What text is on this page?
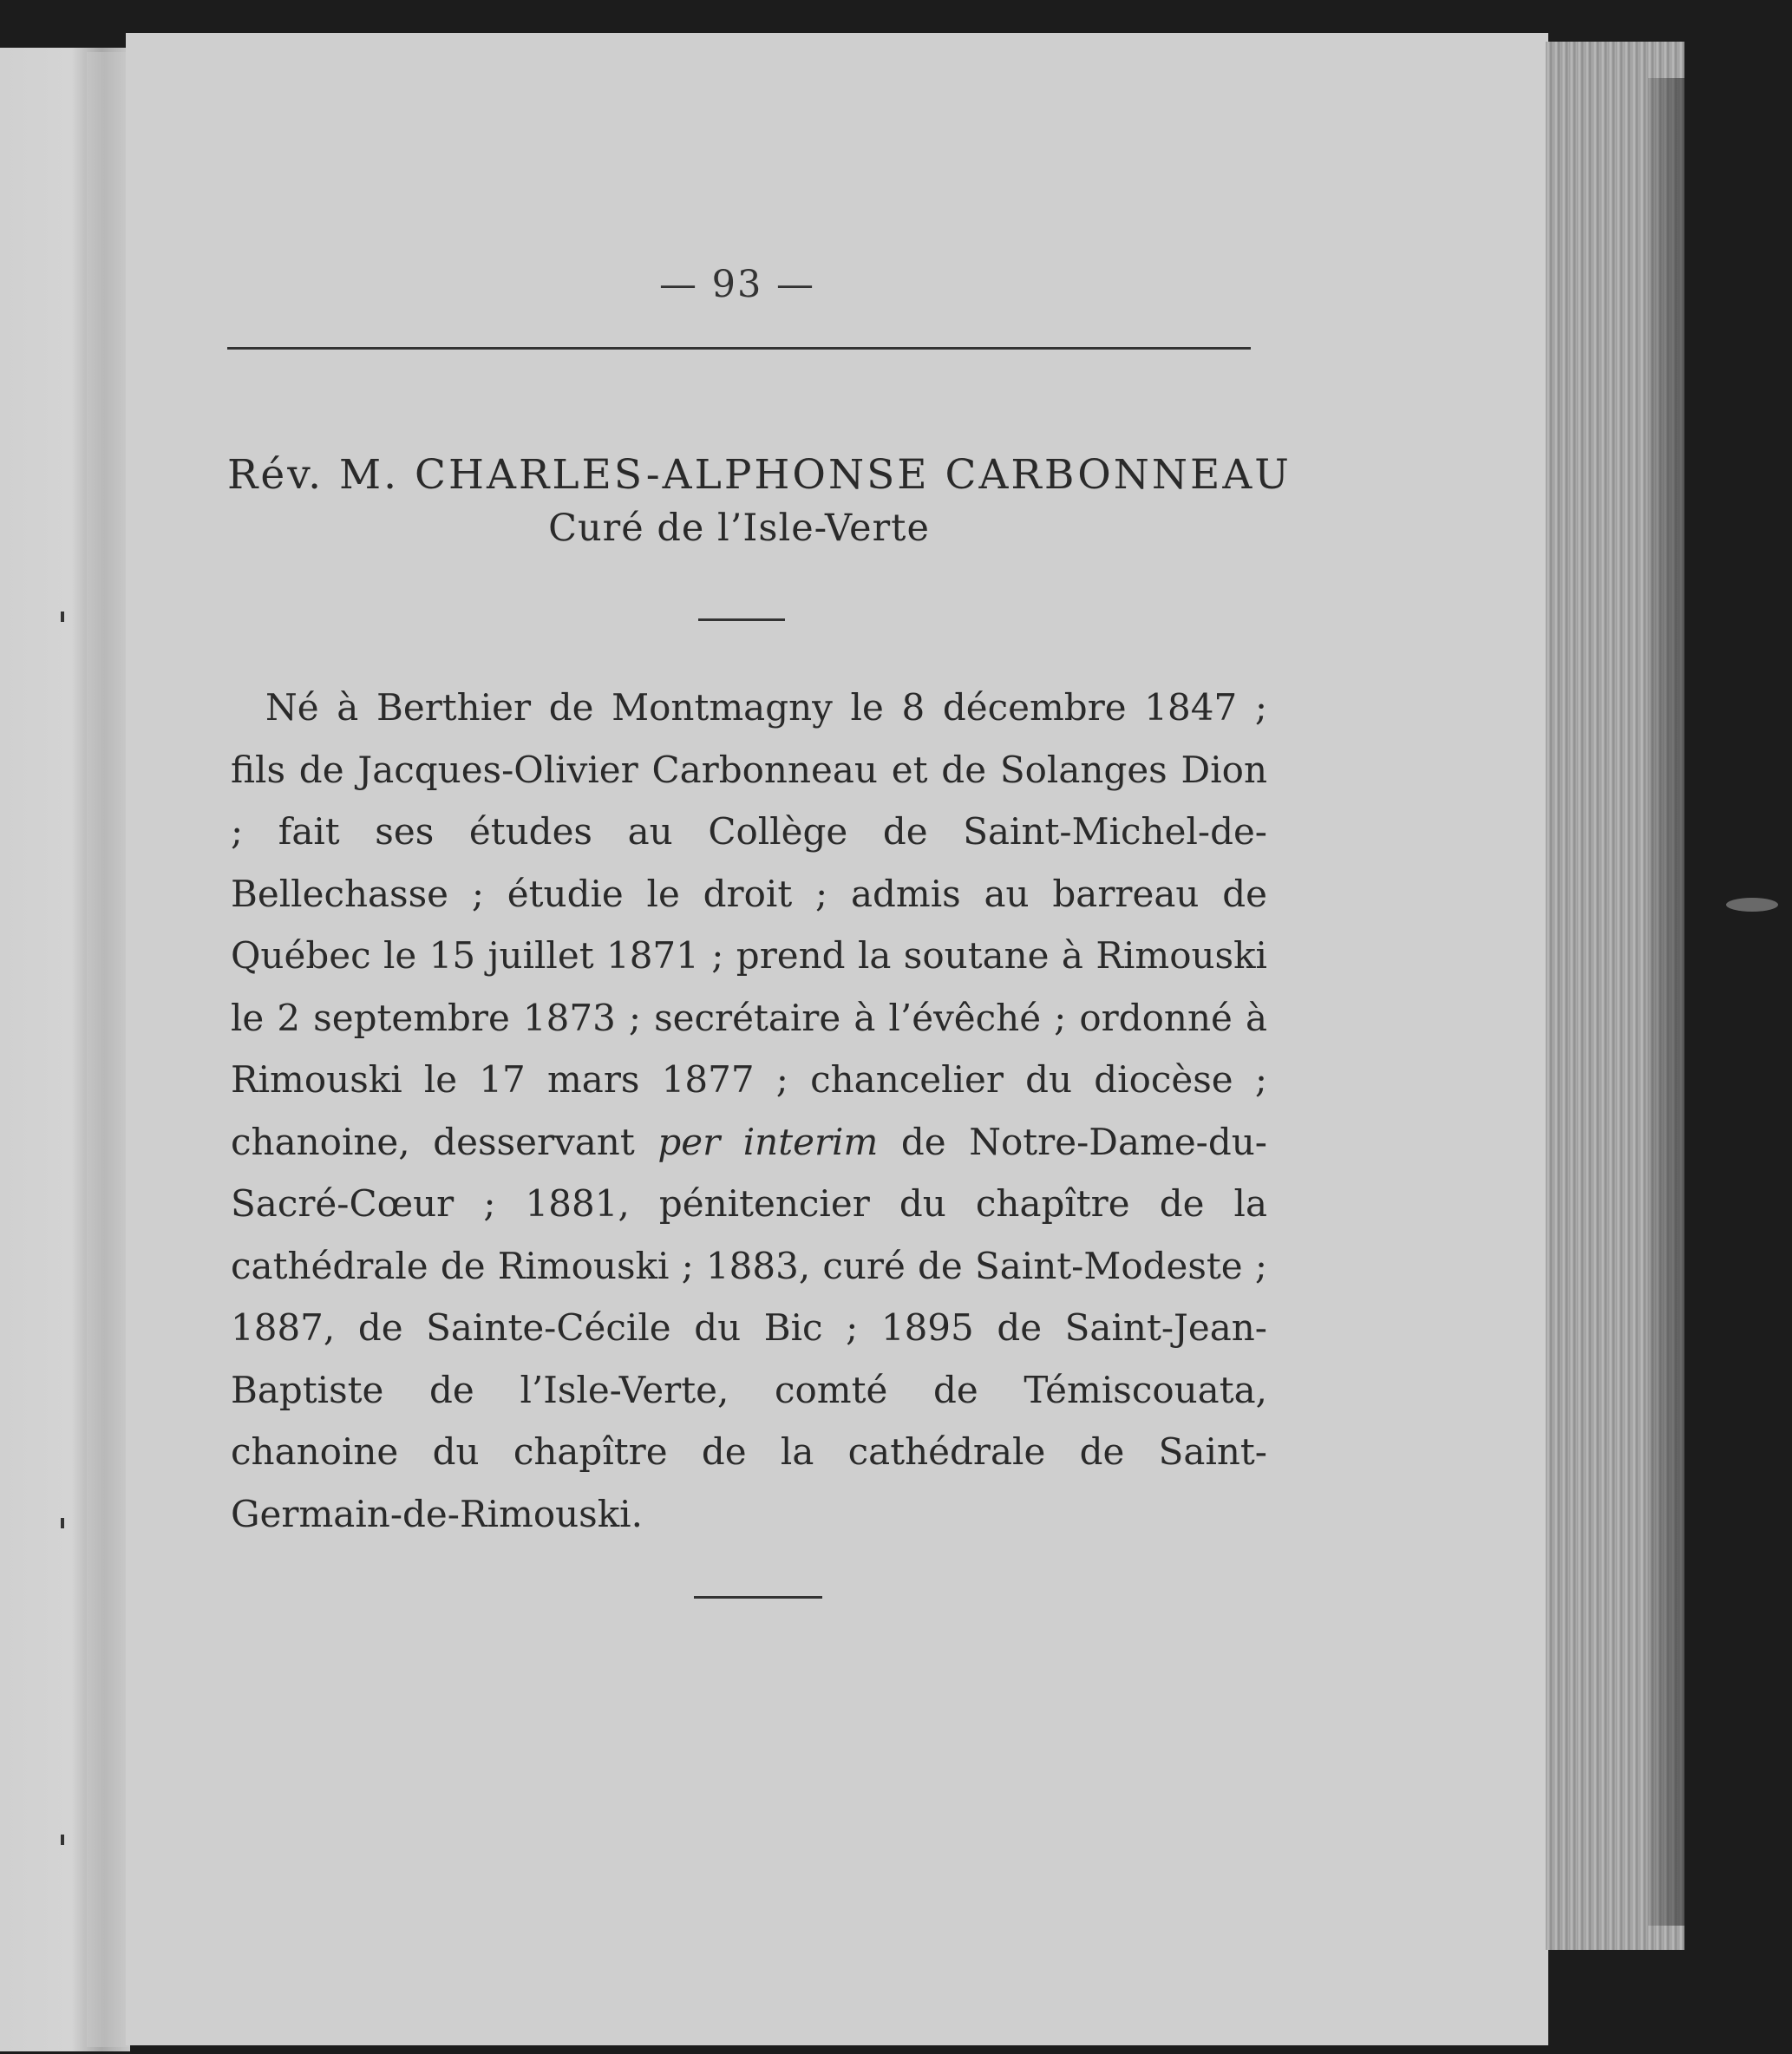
— 93 —
Rév. M. CHARLES-ALPHONSE CARBONNEAU
Curé de l’Isle-Verte

Né à Berthier de Montmagny le 8 décembre 1847 ; fils de Jacques-Olivier Carbonneau et de Solanges Dion ; fait ses études au Collège de Saint-Michel-de-Bellechasse ; étudie le droit ; admis au barreau de Québec le 15 juillet 1871 ; prend la soutane à Rimouski le 2 septembre 1873 ; secrétaire à l’évêché ; ordonné à Rimouski le 17 mars 1877 ; chancelier du diocèse ; chanoine, desservant per interim de Notre-Dame-du-Sacré-Cœur ; 1881, pénitencier du chapître de la cathédrale de Rimouski ; 1883, curé de Saint-Modeste ; 1887, de Sainte-Cécile du Bic ; 1895 de Saint-Jean-Baptiste de l’Isle-Verte, comté de Témiscouata, chanoine du chapître de la cathédrale de Saint-Germain-de-Rimouski.
